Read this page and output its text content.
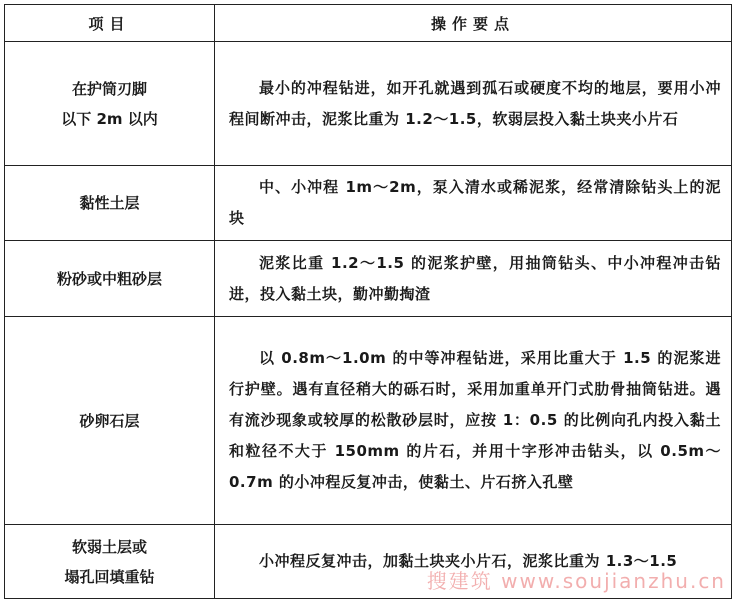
项目	操作要点

在护筒刃脚
以下 2m 以内	最小的冲程钻进，如开孔就遇到孤石或硬度不均的地层，要用小冲程间断冲击，泥浆比重为 1.2～1.5，软弱层投入黏土块夹小片石

黏性土层	中、小冲程 1m～2m，泵入清水或稀泥浆，经常清除钻头上的泥块

粉砂或中粗砂层	泥浆比重 1.2～1.5 的泥浆护壁，用抽筒钻头、中小冲程冲击钻进，投入黏土块，勤冲勤掏渣

砂卵石层	以 0.8m～1.0m 的中等冲程钻进，采用比重大于 1.5 的泥浆进行护壁。遇有直径稍大的砾石时，采用加重单开门式肋骨抽筒钻进。遇有流沙现象或较厚的松散砂层时，应按 1：0.5 的比例向孔内投入黏土和粒径不大于 150mm 的片石，并用十字形冲击钻头，以 0.5m～0.7m 的小冲程反复冲击，使黏土、片石挤入孔壁

软弱土层或
塌孔回填重钻	小冲程反复冲击，加黏土块夹小片石，泥浆比重为 1.3～1.5
搜建筑 www.soujianzhu.cn
